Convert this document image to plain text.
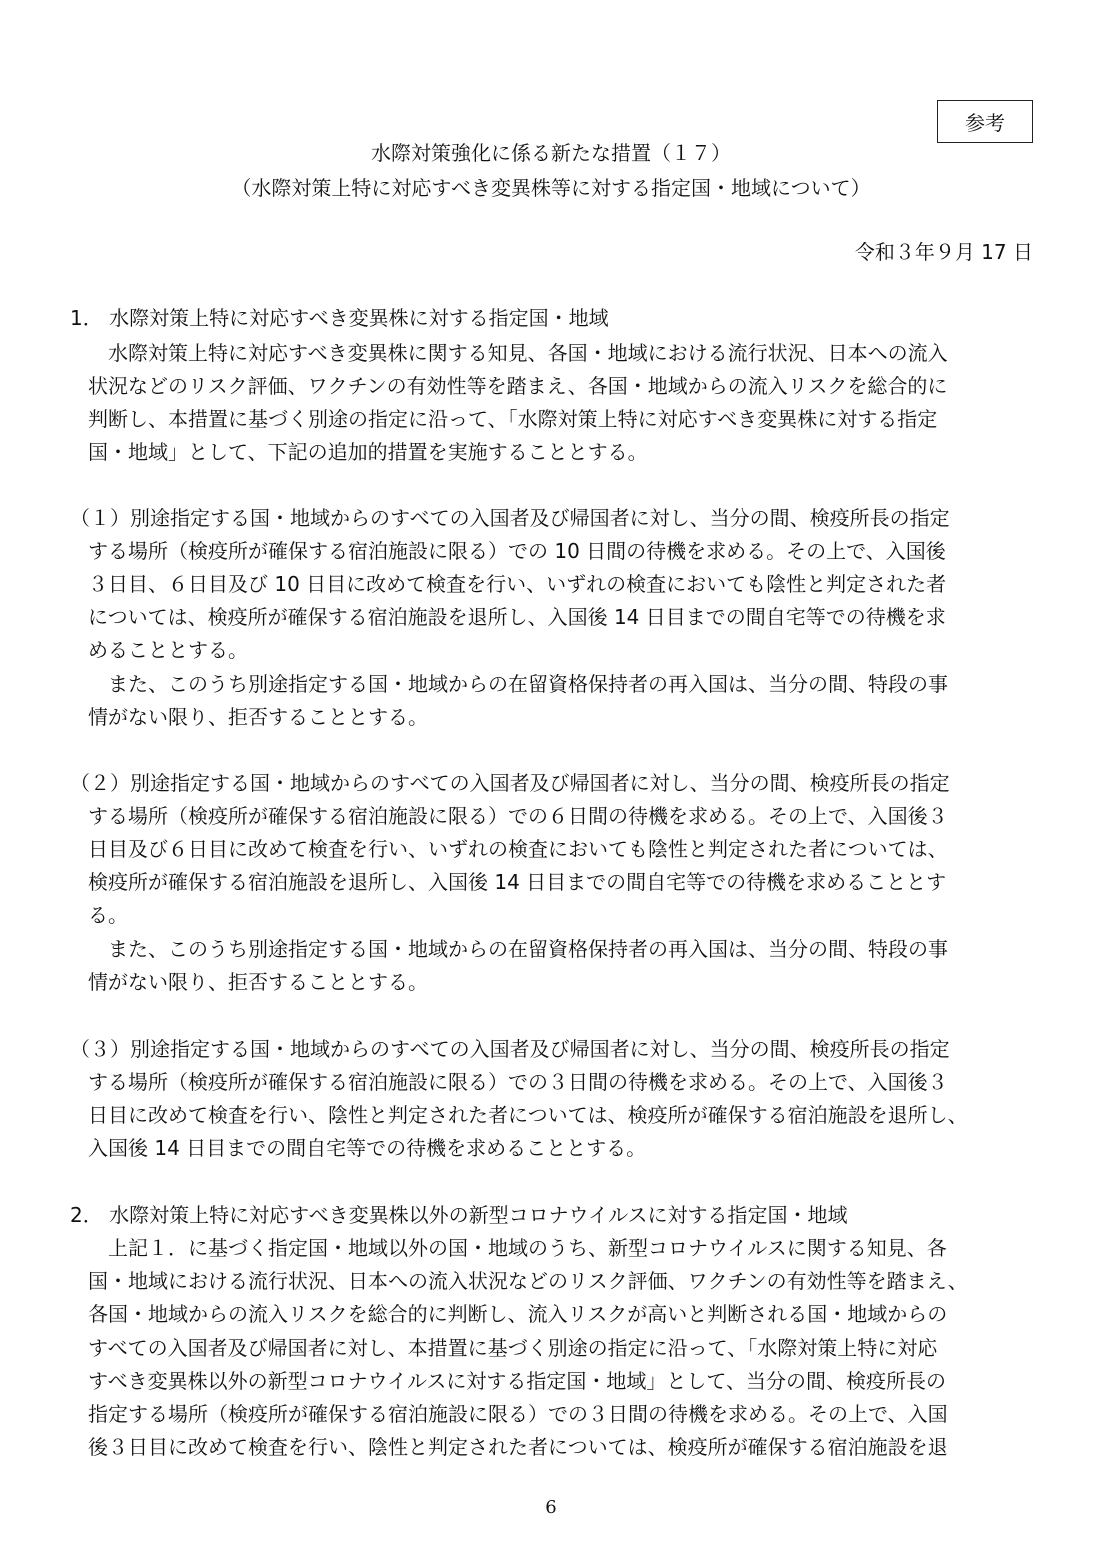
参考
水際対策強化に係る新たな措置（１７）
（水際対策上特に対応すべき変異株等に対する指定国・地域について）
令和３年９月 17 日
1． 水際対策上特に対応すべき変異株に対する指定国・地域
　水際対策上特に対応すべき変異株に関する知見、各国・地域における流行状況、日本への流入
状況などのリスク評価、ワクチンの有効性等を踏まえ、各国・地域からの流入リスクを総合的に
判断し、本措置に基づく別途の指定に沿って、「水際対策上特に対応すべき変異株に対する指定
国・地域」として、下記の追加的措置を実施することとする。
（１）別途指定する国・地域からのすべての入国者及び帰国者に対し、当分の間、検疫所長の指定
する場所（検疫所が確保する宿泊施設に限る）での 10 日間の待機を求める。その上で、入国後
３日目、６日目及び 10 日目に改めて検査を行い、いずれの検査においても陰性と判定された者
については、検疫所が確保する宿泊施設を退所し、入国後 14 日目までの間自宅等での待機を求
めることとする。
　また、このうち別途指定する国・地域からの在留資格保持者の再入国は、当分の間、特段の事
情がない限り、拒否することとする。
（２）別途指定する国・地域からのすべての入国者及び帰国者に対し、当分の間、検疫所長の指定
する場所（検疫所が確保する宿泊施設に限る）での６日間の待機を求める。その上で、入国後３
日目及び６日目に改めて検査を行い、いずれの検査においても陰性と判定された者については、
検疫所が確保する宿泊施設を退所し、入国後 14 日目までの間自宅等での待機を求めることとす
る。
　また、このうち別途指定する国・地域からの在留資格保持者の再入国は、当分の間、特段の事
情がない限り、拒否することとする。
（３）別途指定する国・地域からのすべての入国者及び帰国者に対し、当分の間、検疫所長の指定
する場所（検疫所が確保する宿泊施設に限る）での３日間の待機を求める。その上で、入国後３
日目に改めて検査を行い、陰性と判定された者については、検疫所が確保する宿泊施設を退所し、
入国後 14 日目までの間自宅等での待機を求めることとする。
2． 水際対策上特に対応すべき変異株以外の新型コロナウイルスに対する指定国・地域
　上記１．に基づく指定国・地域以外の国・地域のうち、新型コロナウイルスに関する知見、各
国・地域における流行状況、日本への流入状況などのリスク評価、ワクチンの有効性等を踏まえ、
各国・地域からの流入リスクを総合的に判断し、流入リスクが高いと判断される国・地域からの
すべての入国者及び帰国者に対し、本措置に基づく別途の指定に沿って、「水際対策上特に対応
すべき変異株以外の新型コロナウイルスに対する指定国・地域」として、当分の間、検疫所長の
指定する場所（検疫所が確保する宿泊施設に限る）での３日間の待機を求める。その上で、入国
後３日目に改めて検査を行い、陰性と判定された者については、検疫所が確保する宿泊施設を退
6
